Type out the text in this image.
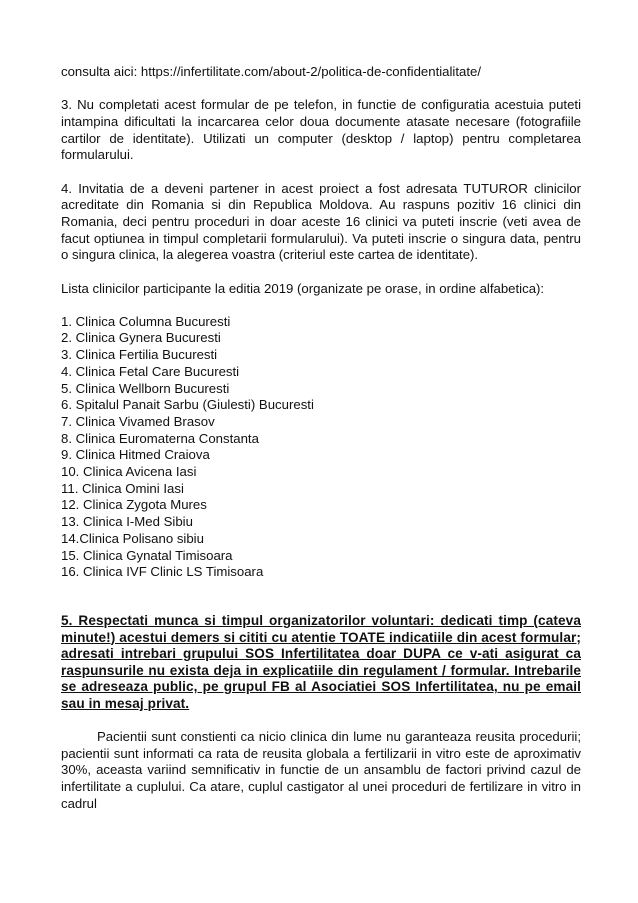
consulta aici: https://infertilitate.com/about-2/politica-de-confidentialitate/

3. Nu completati acest formular de pe telefon, in functie de configuratia acestuia puteti intampina dificultati la incarcarea celor doua documente atasate necesare (fotografiile cartilor de identitate). Utilizati un computer (desktop / laptop) pentru completarea formularului.

4. Invitatia de a deveni partener in acest proiect a fost adresata TUTUROR clinicilor acreditate din Romania si din Republica Moldova. Au raspuns pozitiv 16 clinici din Romania, deci pentru proceduri in doar aceste 16 clinici va puteti inscrie (veti avea de facut optiunea in timpul completarii formularului). Va puteti inscrie o singura data, pentru o singura clinica, la alegerea voastra (criteriul este cartea de identitate).

Lista clinicilor participante la editia 2019 (organizate pe orase, in ordine alfabetica):

1. Clinica Columna Bucuresti
2. Clinica Gynera Bucuresti
3. Clinica Fertilia Bucuresti
4. Clinica Fetal Care Bucuresti
5. Clinica Wellborn Bucuresti
6. Spitalul Panait Sarbu (Giulesti) Bucuresti
7. Clinica Vivamed Brasov
8. Clinica Euromaterna Constanta
9. Clinica Hitmed Craiova
10. Clinica Avicena Iasi
11. Clinica Omini Iasi
12. Clinica Zygota Mures
13. Clinica I-Med Sibiu
14.Clinica Polisano sibiu
15. Clinica Gynatal Timisoara
16. Clinica IVF Clinic LS Timisoara

5. Respectati munca si timpul organizatorilor voluntari: dedicati timp (cateva minute!) acestui demers si cititi cu atentie TOATE indicatiile din acest formular; adresati intrebari grupului SOS Infertilitatea doar DUPA ce v-ati asigurat ca raspunsurile nu exista deja in explicatiile din regulament / formular. Intrebarile se adreseaza public, pe grupul FB al Asociatiei SOS Infertilitatea, nu pe email sau in mesaj privat.

Pacientii sunt constienti ca nicio clinica din lume nu garanteaza reusita procedurii; pacientii sunt informati ca rata de reusita globala a fertilizarii in vitro este de aproximativ 30%, aceasta variind semnificativ in functie de un ansamblu de factori privind cazul de infertilitate a cuplului. Ca atare, cuplul castigator al unei proceduri de fertilizare in vitro in cadrul
